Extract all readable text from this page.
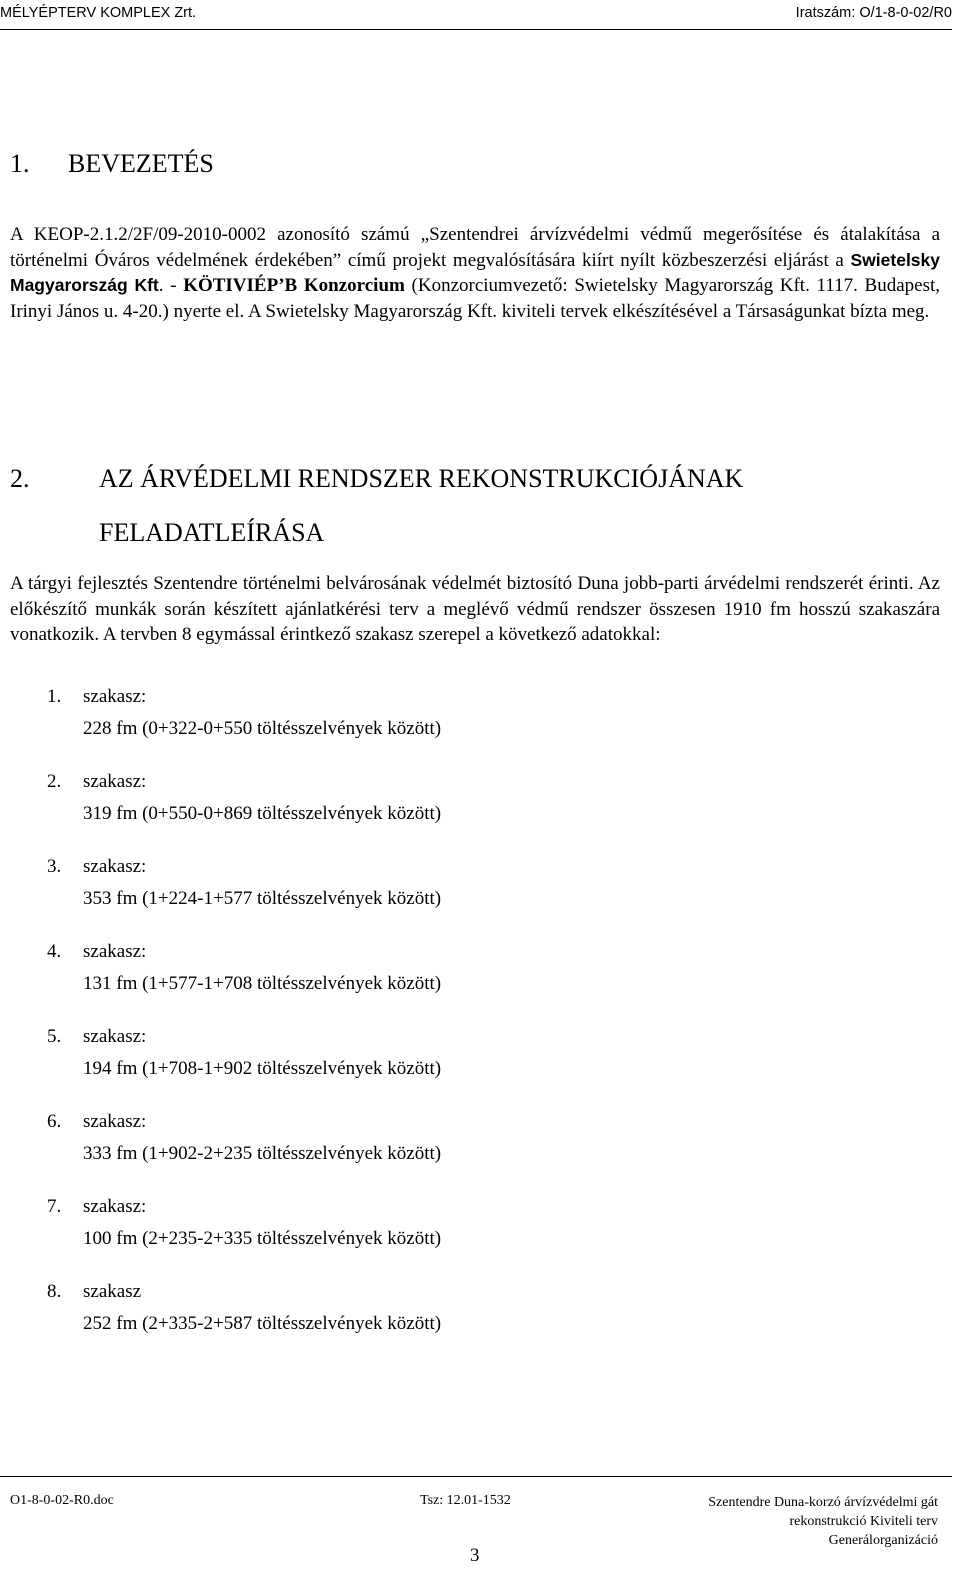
MÉLYÉPTERV KOMPLEX Zrt.	Iratszám: O/1-8-0-02/R0
1. BEVEZETÉS

A KEOP-2.1.2/2F/09-2010-0002 azonosító számú „Szentendrei árvízvédelmi védmű megerősítése és átalakítása a történelmi Óváros védelmének érdekében” című projekt megvalósítására kiírt nyílt közbeszerzési eljárást a Swietelsky Magyarország Kft. - KÖTIVIÉP’B Konzorcium (Konzorciumvezető: Swietelsky Magyarország Kft. 1117. Budapest, Irinyi János u. 4-20.) nyerte el. A Swietelsky Magyarország Kft. kiviteli tervek elkészítésével a Társaságunkat bízta meg.

2.	AZ ÁRVÉDELMI RENDSZER REKONSTRUKCIÓJÁNAK
FELADATLEÍRÁSA

A tárgyi fejlesztés Szentendre történelmi belvárosának védelmét biztosító Duna jobb-parti árvédelmi rendszerét érinti. Az előkészítő munkák során készített ajánlatkérési terv a meglévő védmű rendszer összesen 1910 fm hosszú szakaszára vonatkozik. A tervben 8 egymással érintkező szakasz szerepel a következő adatokkal:

1. szakasz:
228 fm (0+322-0+550 töltésszelvények között)
2. szakasz:
319 fm (0+550-0+869 töltésszelvények között)
3. szakasz:
353 fm (1+224-1+577 töltésszelvények között)
4. szakasz:
131 fm (1+577-1+708 töltésszelvények között)
5. szakasz:
194 fm (1+708-1+902 töltésszelvények között)
6. szakasz:
333 fm (1+902-2+235 töltésszelvények között)
7. szakasz:
100 fm (2+235-2+335 töltésszelvények között)
8. szakasz
252 fm (2+335-2+587 töltésszelvények között)
O1-8-0-02-R0.doc	Tsz: 12.01-1532	Szentendre Duna-korzó árvízvédelmi gát
rekonstrukció Kiviteli terv
Generálorganizáció
3
